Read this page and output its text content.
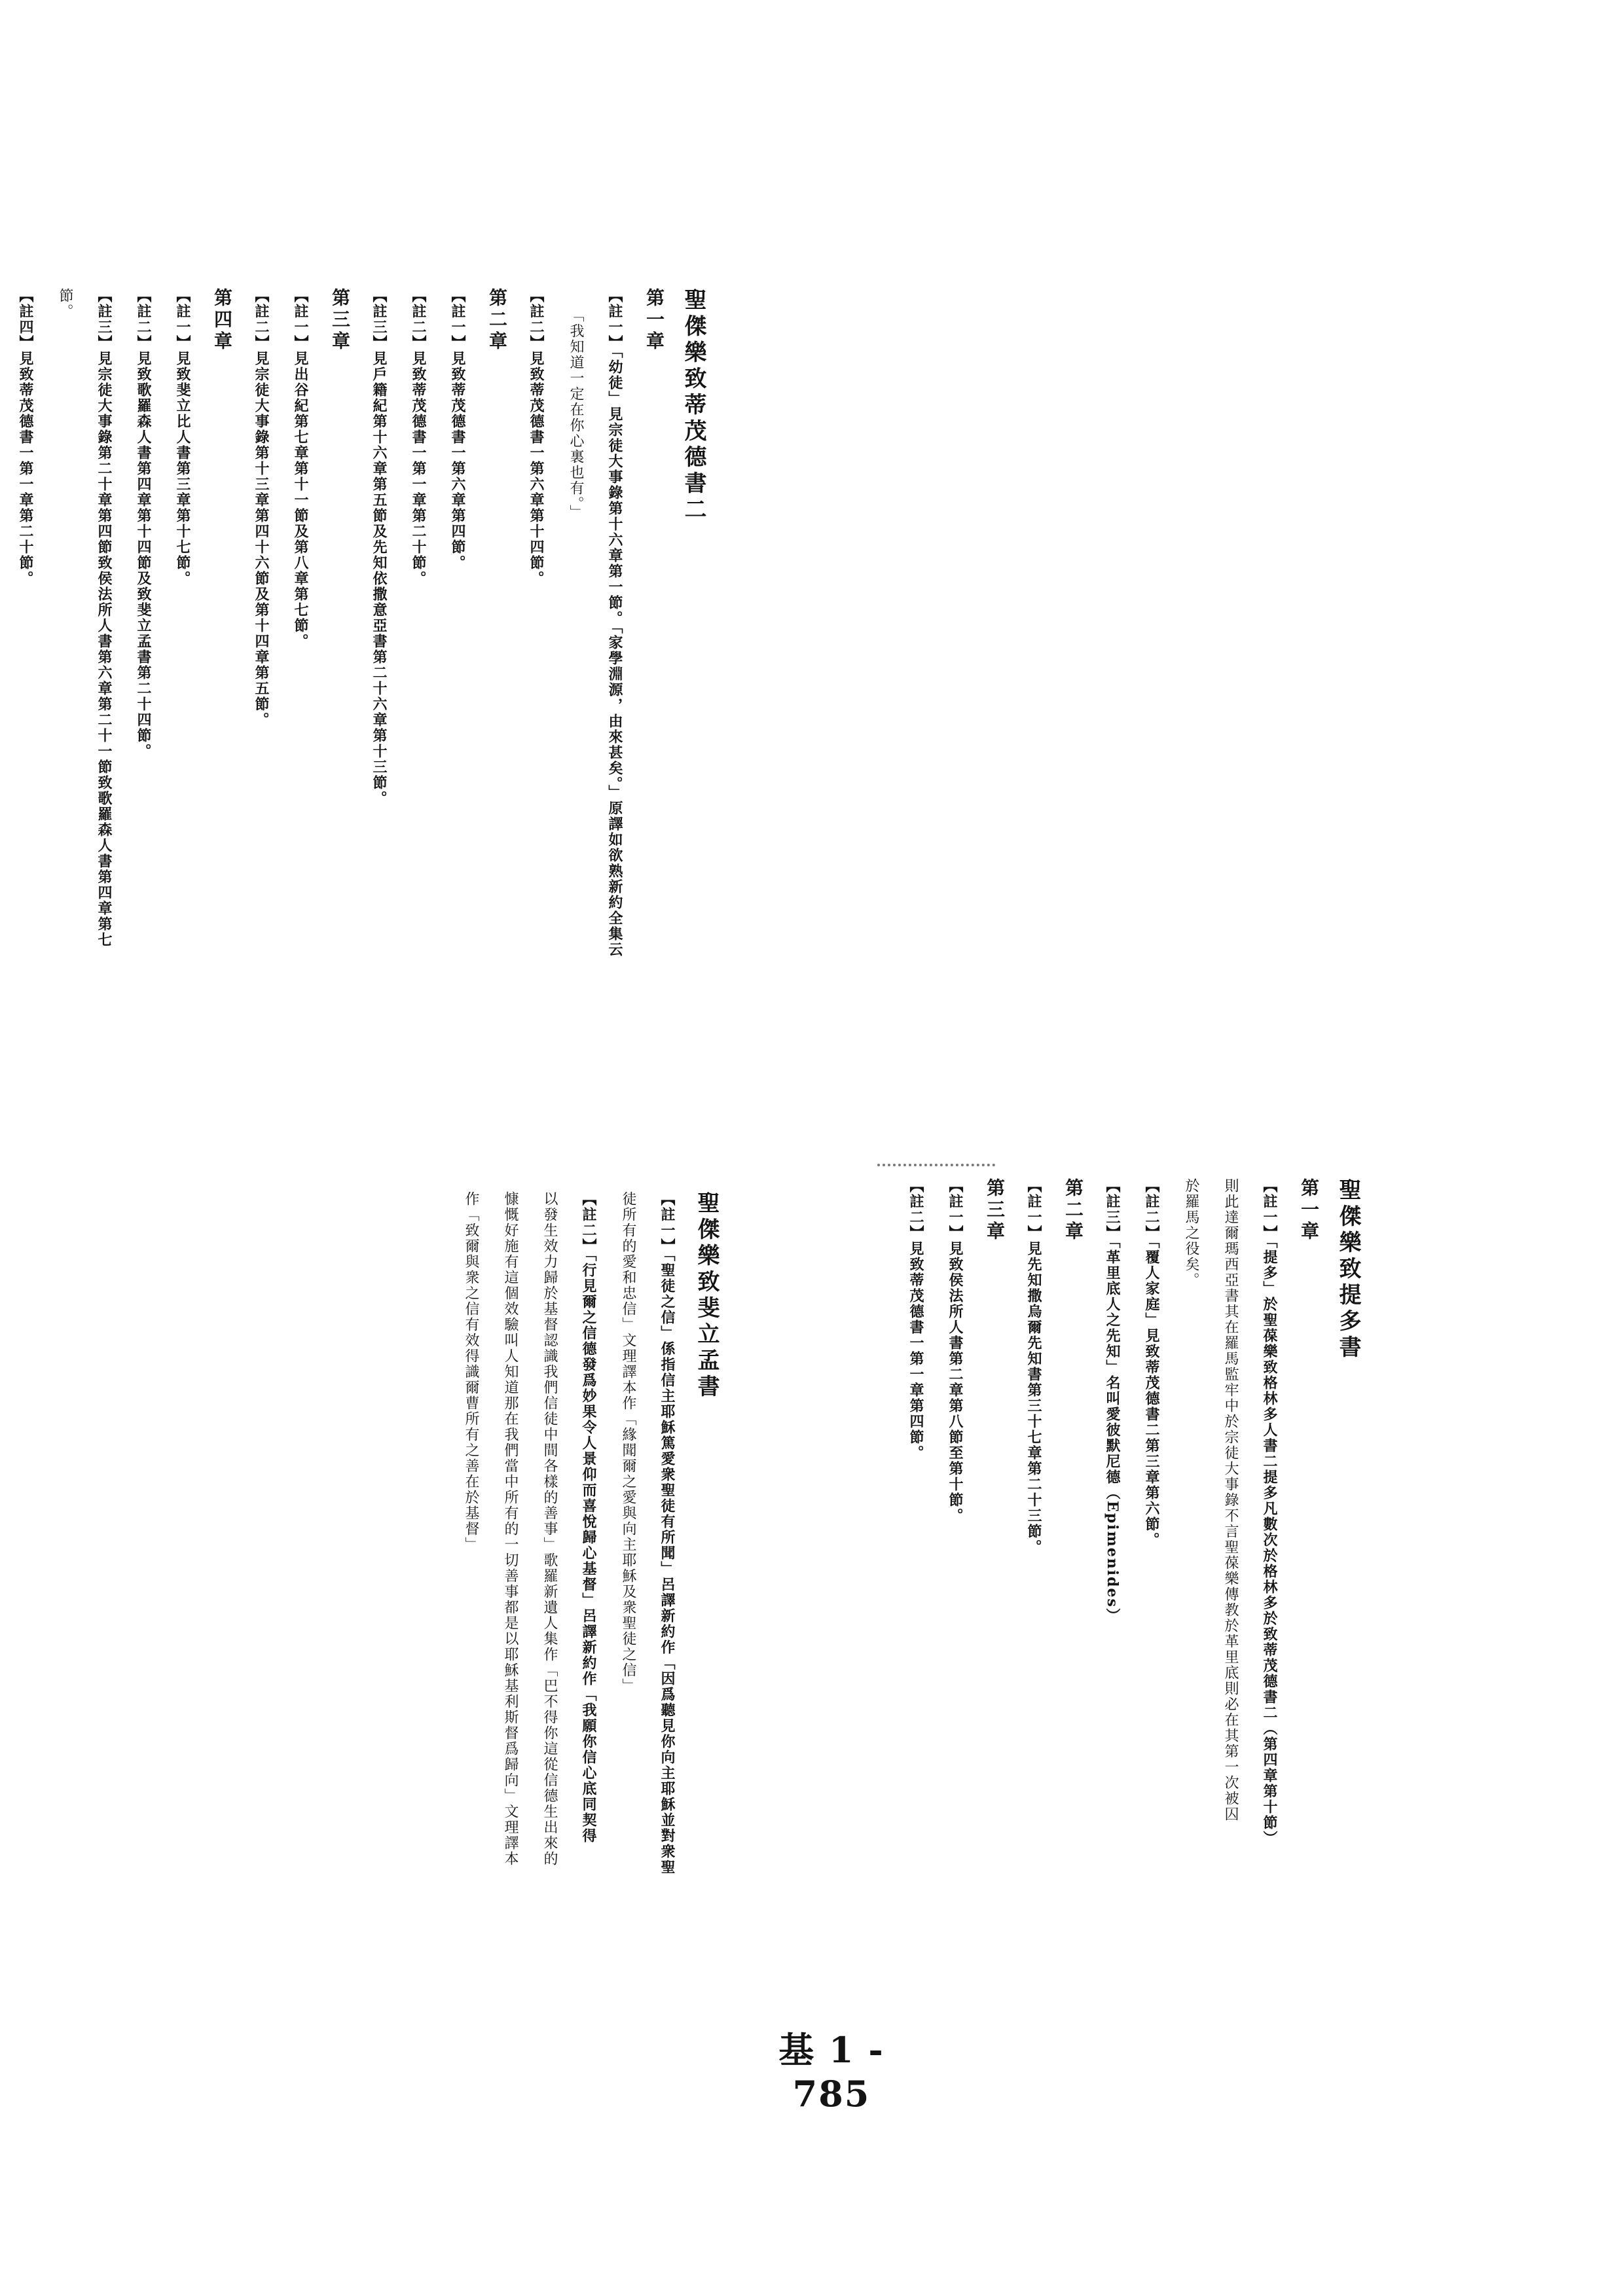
聖傑樂致蒂茂德書二
第一章
【註一】「幼徒」見宗徒大事錄第十六章第一節。「家學淵源，由來甚矣。」原譯如欲熟新約全集云
「我知道一定在你心裏也有。」
【註二】見致蒂茂德書一第六章第十四節。
第二章
【註一】見致蒂茂德書一第六章第四節。
【註二】見致蒂茂德書一第一章第二十節。
【註三】見戶籍紀第十六章第五節及先知依撒意亞書第二十六章第十三節。
第三章
【註一】見出谷紀第七章第十一節及第八章第七節。
【註二】見宗徒大事錄第十三章第四十六節及第十四章第五節。
第四章
【註一】見致斐立比人書第三章第十七節。
【註二】見致歌羅森人書第四章第十四節及致斐立孟書第二十四節。
【註三】見宗徒大事錄第二十章第四節致侯法所人書第六章第二十一節致歌羅森人書第四章第七
節。
【註四】見致蒂茂德書一第一章第二十節。
聖傑樂致提多書
第一章
【註一】「提多」於聖葆樂致格林多人書二提多凡數次於格林多於致蒂茂德書二（第四章第十節）
則此達爾瑪西亞書其在羅馬監牢中於宗徒大事錄不言聖葆樂傳教於革里底則必在其第一次被囚
於羅馬之役矣。
【註二】「覆人家庭」見致蒂茂德書二第三章第六節。
【註三】「革里底人之先知」名叫愛彼默尼德（Epimenides）
第二章
【註一】見先知撒烏爾先知書第三十七章第二十三節。
第三章
【註一】見致侯法所人書第二章第八節至第十節。
【註二】見致蒂茂德書一第一章第四節。
聖傑樂致斐立孟書
【註一】「聖徒之信」係指信主耶穌篤愛衆聖徒有所聞」呂譯新約作「因爲聽見你向主耶穌並對衆聖
徒所有的愛和忠信」文理譯本作「緣聞爾之愛與向主耶穌及衆聖徒之信」
【註二】「行見爾之信德發爲妙果令人景仰而喜悅歸心基督」呂譯新約作「我願你信心底同契得
以發生效力歸於基督認識我們信徒中間各樣的善事」歌羅新遺人集作「巴不得你這從信德生出來的
慷慨好施有這個效驗叫人知道那在我們當中所有的一切善事都是以耶穌基利斯督爲歸向」文理譯本
作「致爾與衆之信有效得識爾曹所有之善在於基督」
基 1 - 785
